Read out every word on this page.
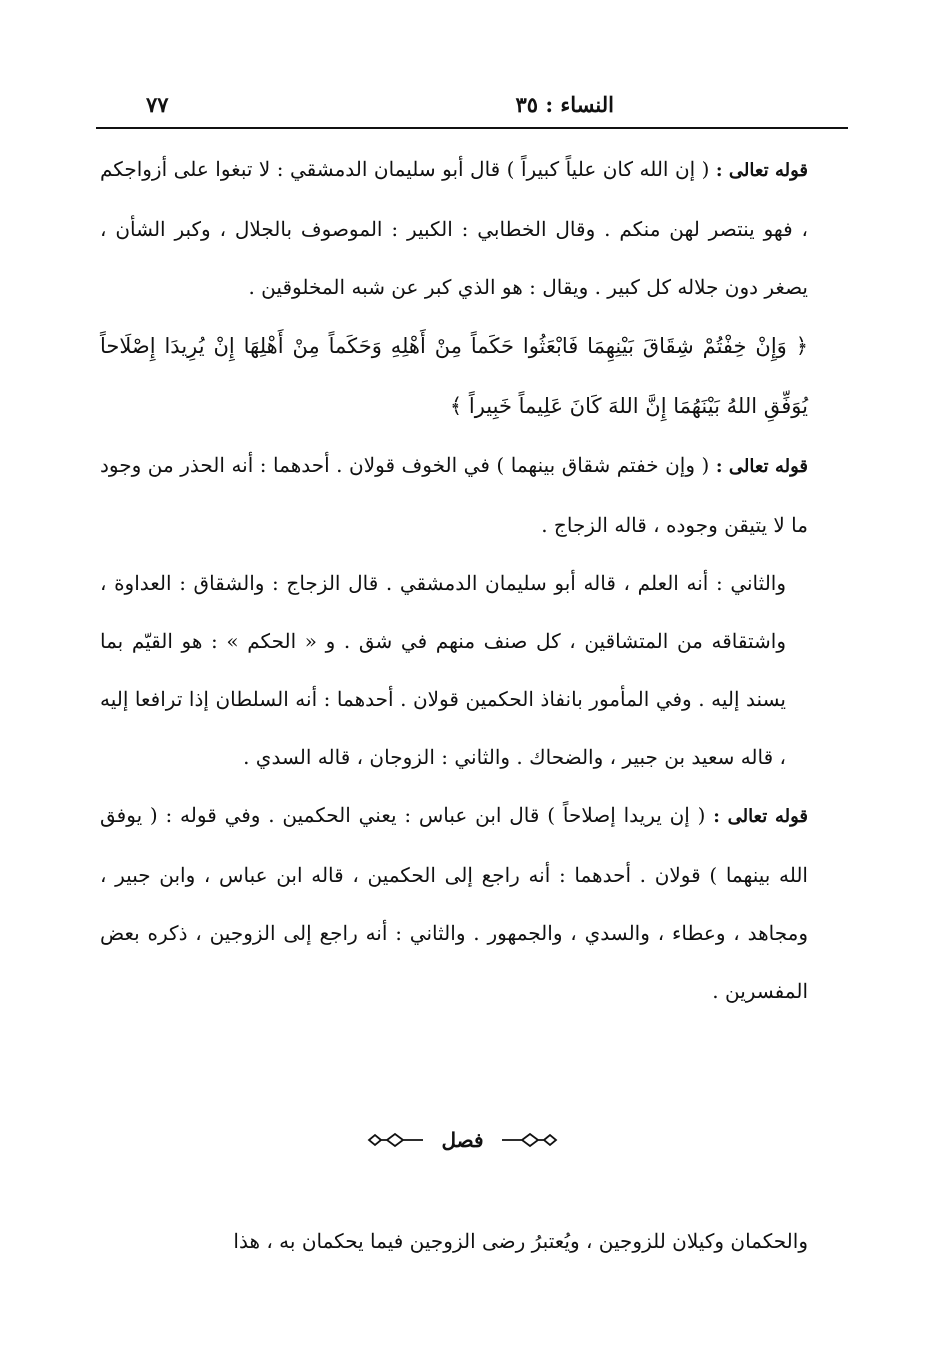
النساء : ٣٥
٧٧

قوله تعالى : ( إن الله كان علياً كبيراً ) قال أبو سليمان الدمشقي : لا تبغوا على أزواجكم ، فهو ينتصر لهن منكم . وقال الخطابي : الكبير : الموصوف بالجلال ، وكبر الشأن ، يصغر دون جلاله كل كبير . ويقال : هو الذي كبر عن شبه المخلوقين .

﴿ وَإِنْ خِفْتُمْ شِقَاقَ بَيْنِهِمَا فَابْعَثُوا حَكَماً مِنْ أَهْلِهِ وَحَكَماً مِنْ أَهْلِهَا إِنْ يُرِيدَا إِصْلَاحاً يُوَفِّقِ اللهُ بَيْنَهُمَا إِنَّ اللهَ كَانَ عَلِيماً خَبِيراً ﴾

قوله تعالى : ( وإن خفتم شقاق بينهما ) في الخوف قولان . أحدهما : أنه الحذر من وجود ما لا يتيقن وجوده ، قاله الزجاج .

والثاني : أنه العلم ، قاله أبو سليمان الدمشقي . قال الزجاج : والشقاق : العداوة ، واشتقاقه من المتشاقين ، كل صنف منهم في شق . و « الحكم » : هو القيّم بما يسند إليه . وفي المأمور بانفاذ الحكمين قولان . أحدهما : أنه السلطان إذا ترافعا إليه ، قاله سعيد بن جبير ، والضحاك . والثاني : الزوجان ، قاله السدي .

قوله تعالى : ( إن يريدا إصلاحاً ) قال ابن عباس : يعني الحكمين . وفي قوله : ( يوفق الله بينهما ) قولان . أحدهما : أنه راجع إلى الحكمين ، قاله ابن عباس ، وابن جبير ، ومجاهد ، وعطاء ، والسدي ، والجمهور . والثاني : أنه راجع إلى الزوجين ، ذكره بعض المفسرين .

فصل
والحكمان وكيلان للزوجين ، ويُعتبرُ رضى الزوجين فيما يحكمان به ، هذا
